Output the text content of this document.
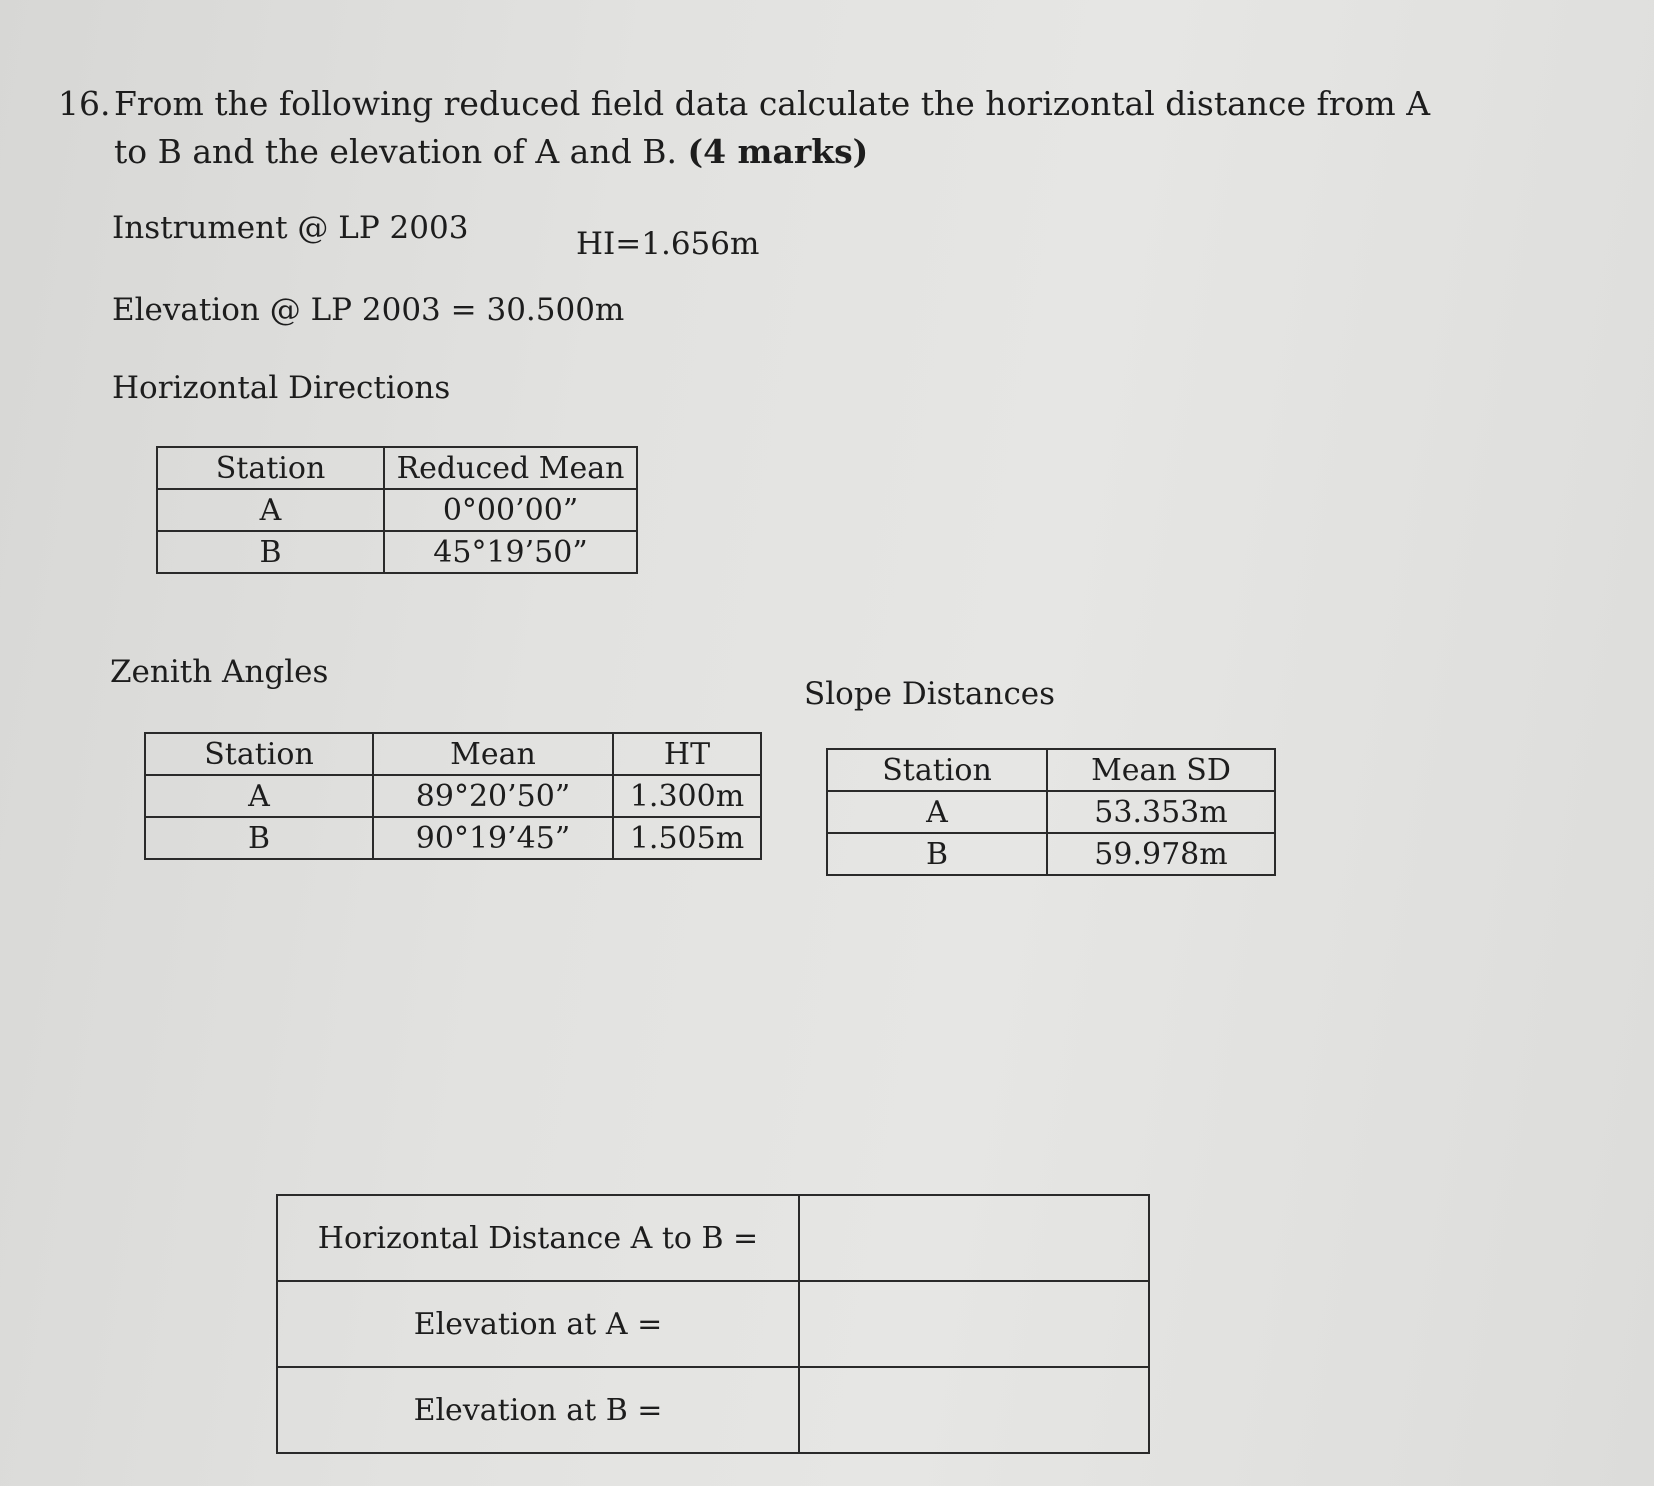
16. From the following reduced field data calculate the horizontal distance from A to B and the elevation of A and B. (4 marks)
Instrument @ LP 2003	HI=1.656m
Elevation @ LP 2003 = 30.500m
Horizontal Directions
Station	Reduced Mean
A	0°00’00”
B	45°19’50”
Zenith Angles
Station	Mean	HT
A	89°20’50”	1.300m
B	90°19’45”	1.505m
Slope Distances
Station	Mean SD
A	53.353m
B	59.978m
Horizontal Distance A to B =	
Elevation at A =	
Elevation at B =	
